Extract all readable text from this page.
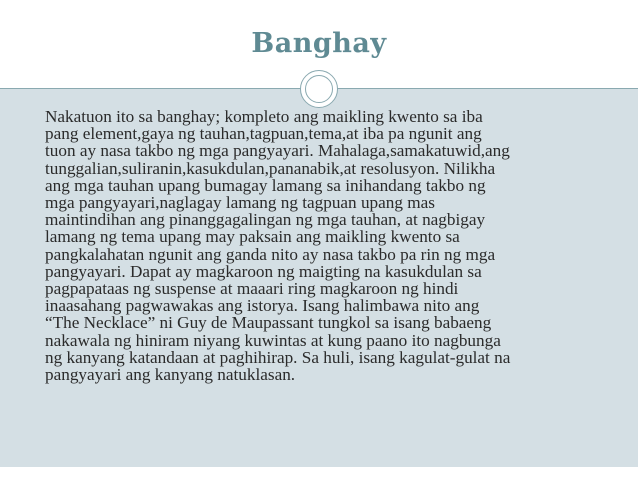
Banghay
Nakatuon ito sa banghay; kompleto ang maikling kwento sa iba
pang element,gaya ng tauhan,tagpuan,tema,at iba pa ngunit ang
tuon ay nasa takbo ng mga pangyayari. Mahalaga,samakatuwid,ang
tunggalian,suliranin,kasukdulan,pananabik,at resolusyon. Nilikha
ang mga tauhan upang bumagay lamang sa inihandang takbo ng
mga pangyayari,naglagay lamang ng tagpuan upang mas
maintindihan ang pinanggagalingan ng mga tauhan, at nagbigay
lamang ng tema upang may paksain ang maikling kwento sa
pangkalahatan ngunit ang ganda nito ay nasa takbo pa rin ng mga
pangyayari. Dapat ay magkaroon ng maigting na kasukdulan sa
pagpapataas ng suspense at maaari ring magkaroon ng hindi
inaasahang pagwawakas ang istorya. Isang halimbawa nito ang
“The Necklace” ni Guy de Maupassant tungkol sa isang babaeng
nakawala ng hiniram niyang kuwintas at kung paano ito nagbunga
ng kanyang katandaan at paghihirap. Sa huli, isang kagulat-gulat na
pangyayari ang kanyang natuklasan.
